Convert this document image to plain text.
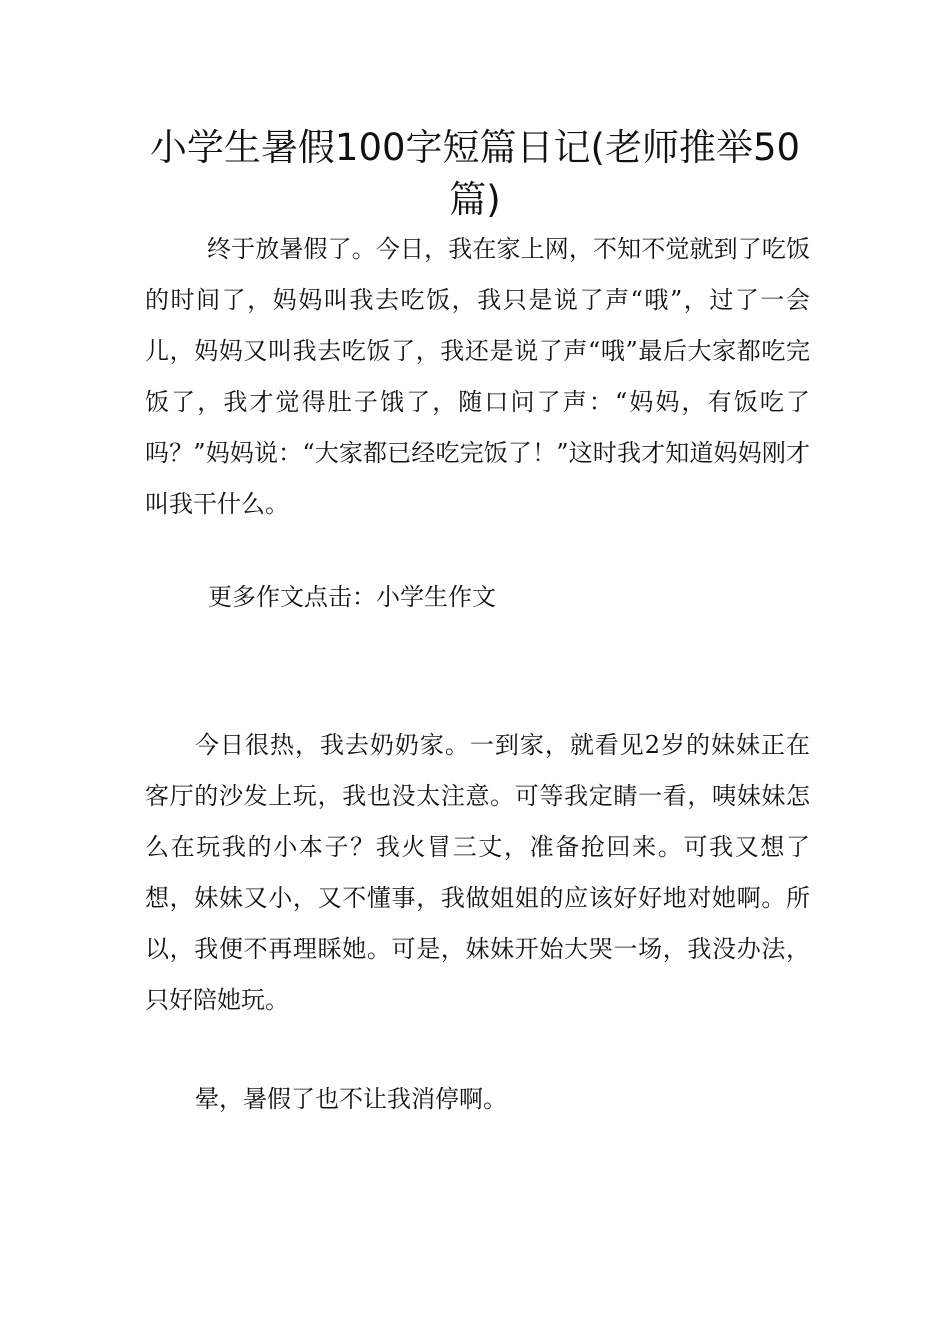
小学生暑假100字短篇日记(老师推举50篇)

终于放暑假了。今日，我在家上网，不知不觉就到了吃饭的时间了，妈妈叫我去吃饭，我只是说了声“哦”，过了一会儿，妈妈又叫我去吃饭了，我还是说了声“哦”最后大家都吃完饭了，我才觉得肚子饿了，随口问了声：“妈妈，有饭吃了吗？”妈妈说：“大家都已经吃完饭了！”这时我才知道妈妈刚才叫我干什么。

更多作文点击：小学生作文

今日很热，我去奶奶家。一到家，就看见2岁的妹妹正在客厅的沙发上玩，我也没太注意。可等我定睛一看，咦妹妹怎么在玩我的小本子？我火冒三丈，准备抢回来。可我又想了想，妹妹又小，又不懂事，我做姐姐的应该好好地对她啊。所以，我便不再理睬她。可是，妹妹开始大哭一场，我没办法，只好陪她玩。

晕，暑假了也不让我消停啊。
